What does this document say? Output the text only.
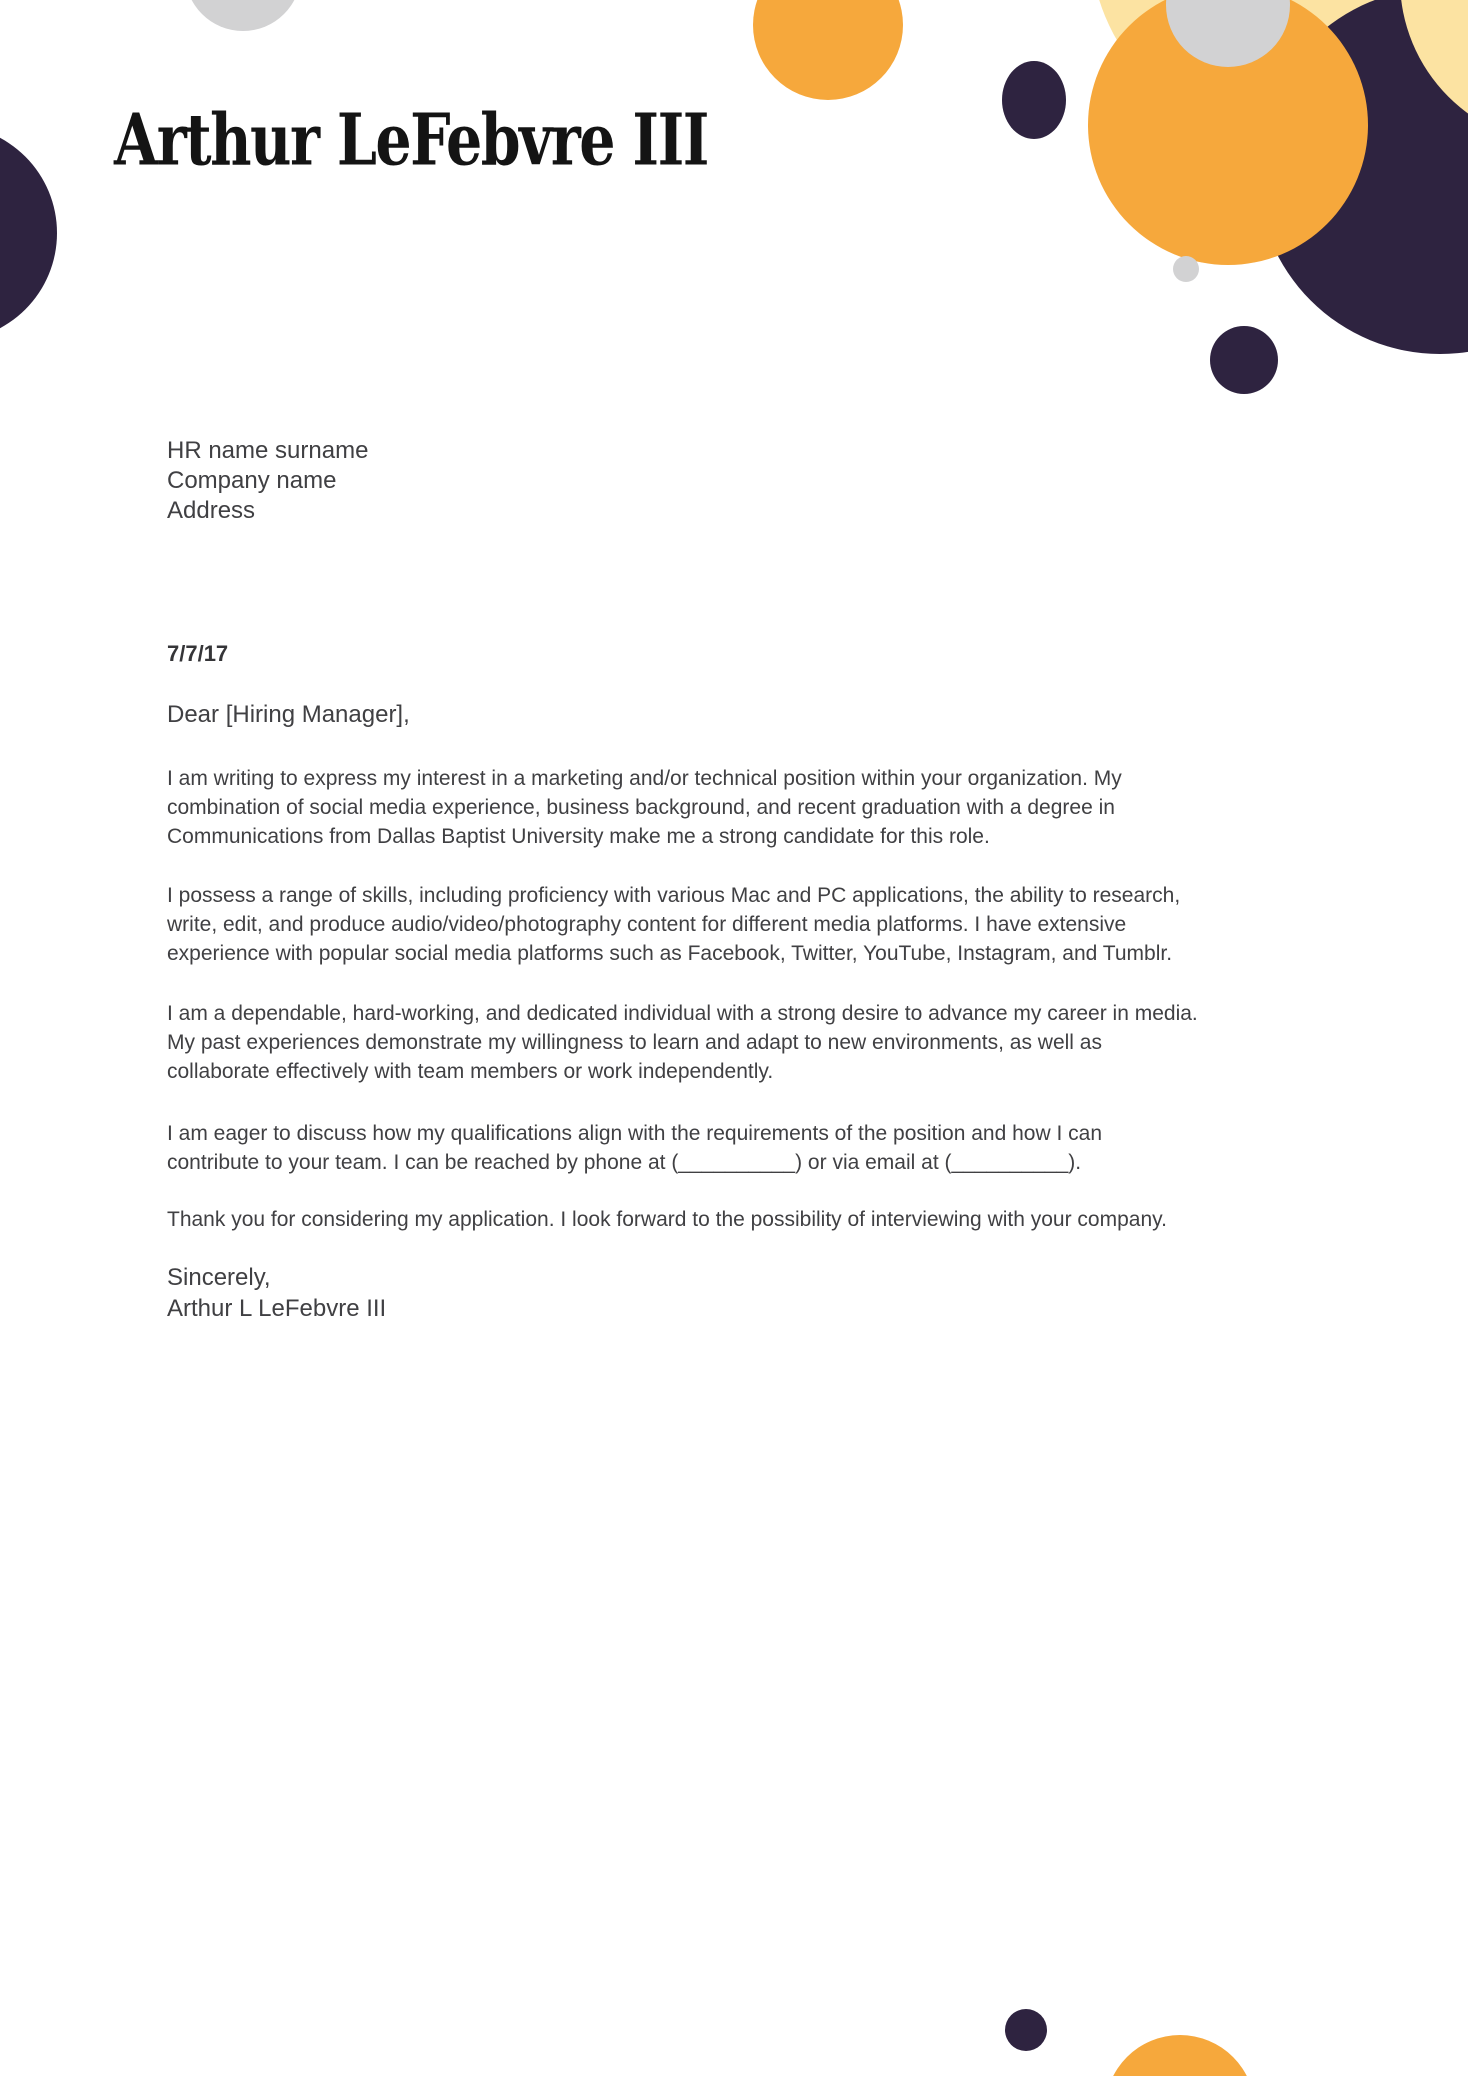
Arthur LeFebvre III
HR name surname
Company name
Address
7/7/17
Dear [Hiring Manager],
I am writing to express my interest in a marketing and/or technical position within your organization. My
combination of social media experience, business background, and recent graduation with a degree in
Communications from Dallas Baptist University make me a strong candidate for this role.
I possess a range of skills, including proficiency with various Mac and PC applications, the ability to research,
write, edit, and produce audio/video/photography content for different media platforms. I have extensive
experience with popular social media platforms such as Facebook, Twitter, YouTube, Instagram, and Tumblr.
I am a dependable, hard-working, and dedicated individual with a strong desire to advance my career in media.
My past experiences demonstrate my willingness to learn and adapt to new environments, as well as
collaborate effectively with team members or work independently.
I am eager to discuss how my qualifications align with the requirements of the position and how I can
contribute to your team. I can be reached by phone at (__________) or via email at (__________).
Thank you for considering my application. I look forward to the possibility of interviewing with your company.
Sincerely,
Arthur L LeFebvre III
